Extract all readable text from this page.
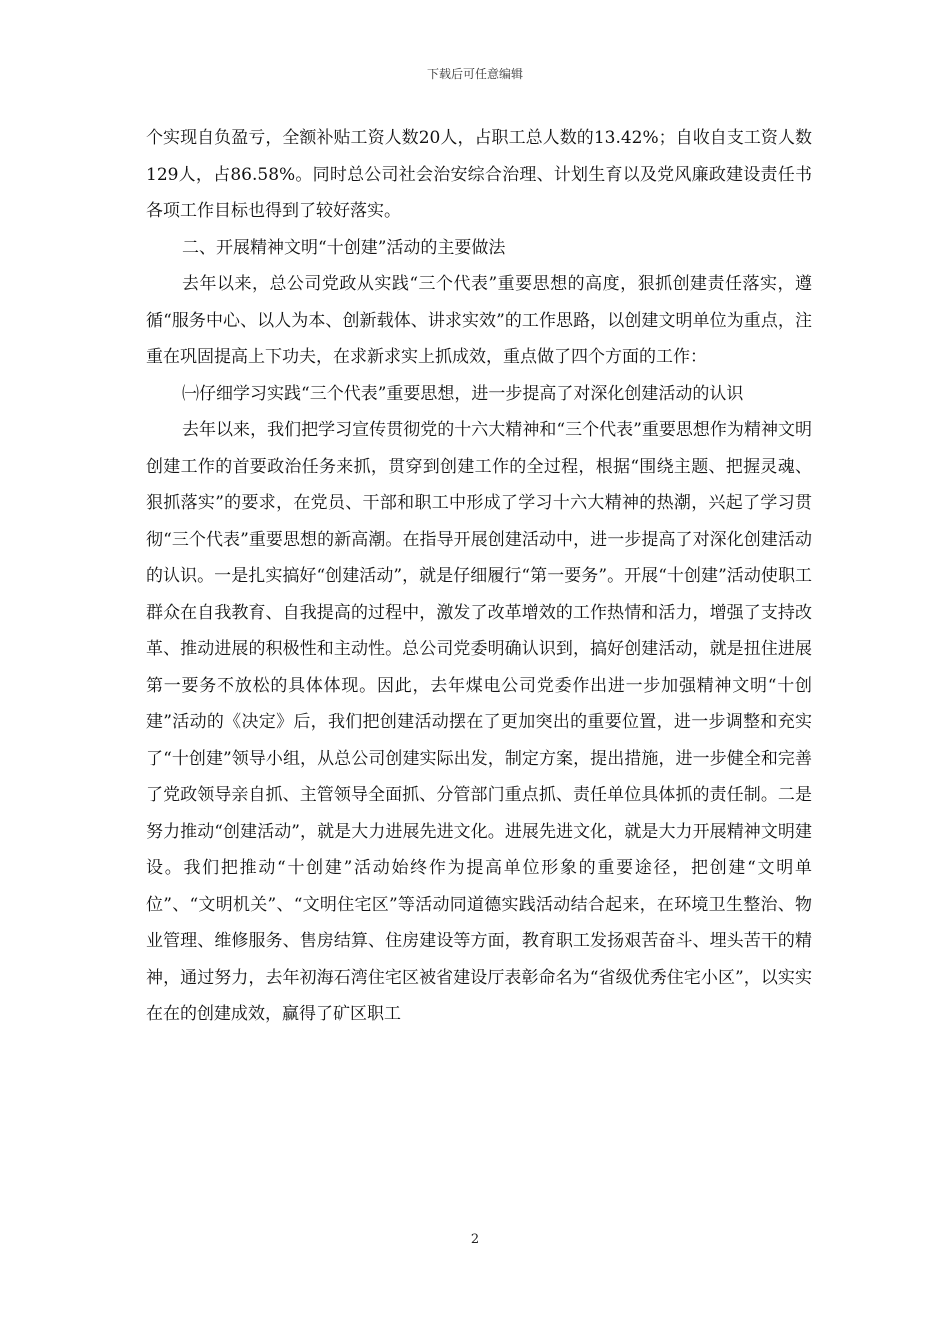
下载后可任意编辑

个实现自负盈亏，全额补贴工资人数20人，占职工总人数的13.42%；自收自支工资人数129人，占86.58%。同时总公司社会治安综合治理、计划生育以及党风廉政建设责任书各项工作目标也得到了较好落实。

二、开展精神文明“十创建”活动的主要做法

去年以来，总公司党政从实践“三个代表”重要思想的高度，狠抓创建责任落实，遵循“服务中心、以人为本、创新载体、讲求实效”的工作思路，以创建文明单位为重点，注重在巩固提高上下功夫，在求新求实上抓成效，重点做了四个方面的工作：

㈠仔细学习实践“三个代表”重要思想，进一步提高了对深化创建活动的认识

去年以来，我们把学习宣传贯彻党的十六大精神和“三个代表”重要思想作为精神文明创建工作的首要政治任务来抓，贯穿到创建工作的全过程，根据“围绕主题、把握灵魂、狠抓落实”的要求，在党员、干部和职工中形成了学习十六大精神的热潮，兴起了学习贯彻“三个代表”重要思想的新高潮。在指导开展创建活动中，进一步提高了对深化创建活动的认识。一是扎实搞好“创建活动”，就是仔细履行“第一要务”。开展“十创建”活动使职工群众在自我教育、自我提高的过程中，激发了改革增效的工作热情和活力，增强了支持改革、推动进展的积极性和主动性。总公司党委明确认识到，搞好创建活动，就是扭住进展第一要务不放松的具体体现。因此，去年煤电公司党委作出进一步加强精神文明“十创建”活动的《决定》后，我们把创建活动摆在了更加突出的重要位置，进一步调整和充实了“十创建”领导小组，从总公司创建实际出发，制定方案，提出措施，进一步健全和完善了党政领导亲自抓、主管领导全面抓、分管部门重点抓、责任单位具体抓的责任制。二是努力推动“创建活动”，就是大力进展先进文化。进展先进文化，就是大力开展精神文明建设。我们把推动“十创建”活动始终作为提高单位形象的重要途径，把创建“文明单位”、“文明机关”、“文明住宅区”等活动同道德实践活动结合起来，在环境卫生整治、物业管理、维修服务、售房结算、住房建设等方面，教育职工发扬艰苦奋斗、埋头苦干的精神，通过努力，去年初海石湾住宅区被省建设厅表彰命名为“省级优秀住宅小区”，以实实在在的创建成效，赢得了矿区职工

2
